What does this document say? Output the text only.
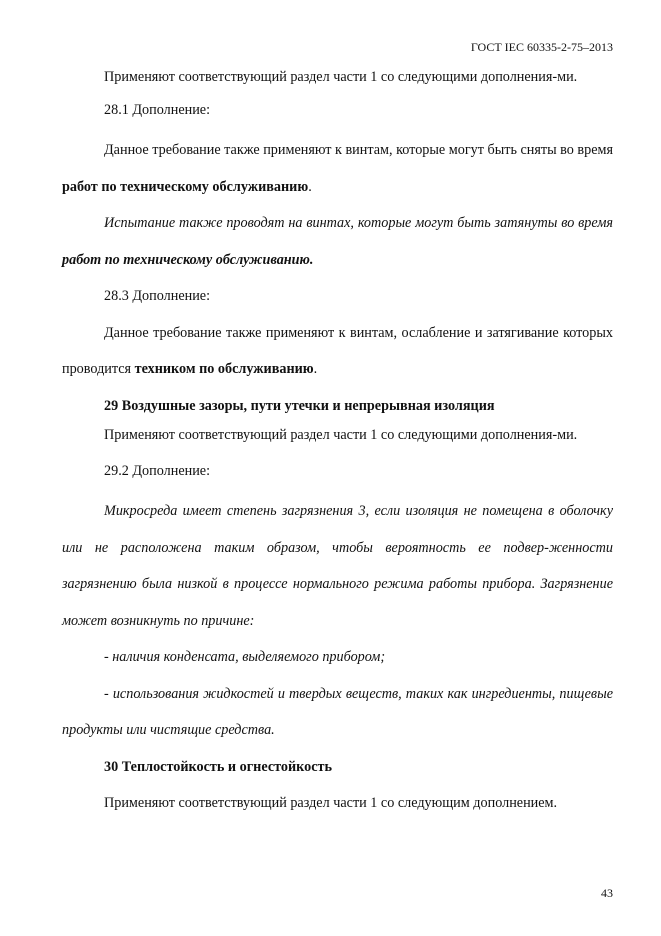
ГОСТ IEC 60335-2-75–2013

Применяют соответствующий раздел части 1 со следующими дополнения-ми.

28.1 Дополнение:

Данное требование также применяют к винтам, которые могут быть сняты во время работ по техническому обслуживанию.

Испытание также проводят на винтах, которые могут быть затянуты во время работ по техническому обслуживанию.

28.3 Дополнение:

Данное требование также применяют к винтам, ослабление и затягивание которых проводится техником по обслуживанию.

29 Воздушные зазоры, пути утечки и непрерывная изоляция

Применяют соответствующий раздел части 1 со следующими дополнения-ми.

29.2 Дополнение:

Микросреда имеет степень загрязнения 3, если изоляция не помещена в оболочку или не расположена таким образом, чтобы вероятность ее подвер-женности загрязнению была низкой в процессе нормального режима работы прибора. Загрязнение может возникнуть по причине:

- наличия конденсата, выделяемого прибором;

- использования жидкостей и твердых веществ, таких как ингредиенты, пищевые продукты или чистящие средства.

30 Теплостойкость и огнестойкость

Применяют соответствующий раздел части 1 со следующим дополнением.

43
